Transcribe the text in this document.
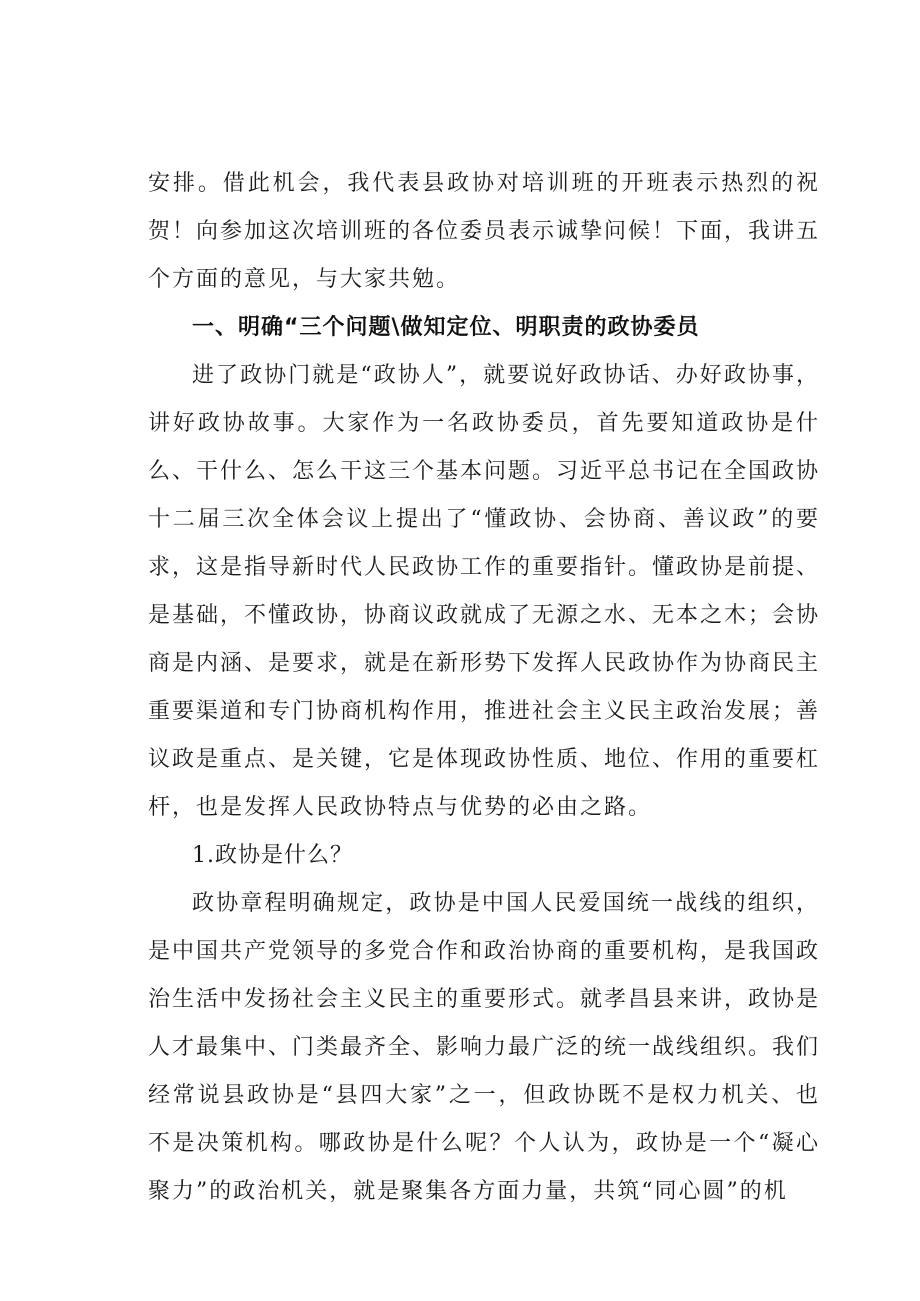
安排。借此机会，我代表县政协对培训班的开班表示热烈的祝贺！向参加这次培训班的各位委员表示诚挚问候！下面，我讲五个方面的意见，与大家共勉。

一、明确“三个问题\做知定位、明职责的政协委员

进了政协门就是“政协人”，就要说好政协话、办好政协事，讲好政协故事。大家作为一名政协委员，首先要知道政协是什么、干什么、怎么干这三个基本问题。习近平总书记在全国政协十二届三次全体会议上提出了“懂政协、会协商、善议政”的要求，这是指导新时代人民政协工作的重要指针。懂政协是前提、是基础，不懂政协，协商议政就成了无源之水、无本之木；会协商是内涵、是要求，就是在新形势下发挥人民政协作为协商民主重要渠道和专门协商机构作用，推进社会主义民主政治发展；善议政是重点、是关键，它是体现政协性质、地位、作用的重要杠杆，也是发挥人民政协特点与优势的必由之路。

1.政协是什么？

政协章程明确规定，政协是中国人民爱国统一战线的组织，是中国共产党领导的多党合作和政治协商的重要机构，是我国政治生活中发扬社会主义民主的重要形式。就孝昌县来讲，政协是人才最集中、门类最齐全、影响力最广泛的统一战线组织。我们经常说县政协是“县四大家”之一，但政协既不是权力机关、也不是决策机构。哪政协是什么呢？个人认为，政协是一个“凝心聚力”的政治机关，就是聚集各方面力量，共筑“同心圆”的机
